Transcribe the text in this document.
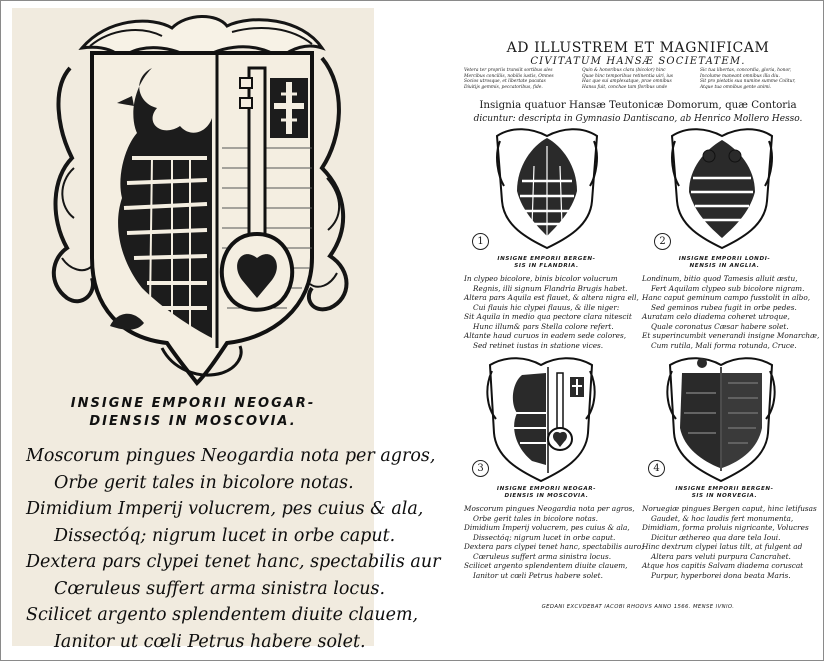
INSIGNE EMPORII NEOGAR-
DIENSIS IN MOSCOVIA.
Moscorum pingues Neogardia nota per agros,
Orbe gerit tales in bicolore notas.
Dimidium Imperij volucrem, pes cuius & ala,
Dissectóq; nigrum lucet in orbe caput.
Dextera pars clypei tenet hanc, spectabilis aur
Cœruleus suffert arma sinistra locus.
Scilicet argento splendentem diuite clauem,
Ianitor ut cœli Petrus habere solet.
AD ILLUSTREM ET MAGNIFICAM
CIVITATUM HANSÆ SOCIETATEM.
Vetera ter propriis transiit sortibus ales
Mercibus conciliis, nobilis iustis, Omnes
Socios utrosque, et libertate pacatas
Diuitijs gemmis, peccatoribus, fide.
Quin & honoribus clara (bicolor) hinc
Quae hinc temporibus retinentia uiri, ius
Hac que sui amplexatque, prae omnibus
Hansa fuit, conchae tam floribus unde
Sic tua libertas, concordia, gloria, honor,
Incolume maneant omnibus illa diu.
Sit pro pietatis sua numine summe Colitur,
Atque tua omnibus gente animi.
Insignia quatuor Hansæ Teutonicæ Domorum, quæ Contoria
dicuntur: descripta in Gymnasio Dantiscano, ab Henrico Mollero Hesso.
1	2
INSIGNE EMPORII BERGEN-
SIS IN FLANDRIA.
INSIGNE EMPORII LONDI-
NENSIS IN ANGLIA.
In clypeo bicolore, binis bicolor volucrum
Regnis, illi signum Flandria Brugis habet.
Altera pars Aquila est flauet, & altera nigra ell,
Cui flauis hic clypei flauus, & ille niger:
Sit Aquila in medio qua pectore clara nitescit
Hunc illum& pars Stella colore refert.
Altante haud curuos in eadem sede colores,
Sed retinet iustas in statione vices.
Londinum, bitio quod Tamesis alluit æstu,
Fert Aquilam clypeo sub bicolore nigram.
Hanc caput geminum campo fusstolit in albo,
Sed geminos rubea fugit in orbe pedes.
Auratam celo diadema coheret utroque,
Quale coronatus Cæsar habere solet.
Et superincumbit venerandi insigne Monarchæ,
Cum rutila, Mali forma rotunda, Cruce.
3	4
INSIGNE EMPORII NEOGAR-
DIENSIS IN MOSCOVIA.
INSIGNE EMPORII BERGEN-
SIS IN NORVEGIA.
Moscorum pingues Neogardia nota per agros,
Orbe gerit tales in bicolore notas.
Dimidium Imperij volucrem, pes cuius & ala,
Dissectóq; nigrum lucet in orbe caput.
Dextera pars clypei tenet hanc, spectabilis auro;
Cœruleus suffert arma sinistra locus.
Scilicet argento splendentem diuite clauem,
Ianitor ut cœli Petrus habere solet.
Noruegiæ pingues Bergen caput, hinc letifusas
Gaudet, & hoc laudis fert monumenta,
Dimidiam, forma proluis nigricante, Volucres
Dicitur æthereo qua dare tela Ioui.
Hinc dextrum clypei latus tilt, at fulgent ad
Altera pars veluti purpura Cancrahet.
Atque hos capitis Salvam diadema coruscat
Purpur, hyperborei dona beata Maris.
GEDANI EXCVDEBAT IACOBI RHODVS ANNO 1566. MENSE IVNIO.
